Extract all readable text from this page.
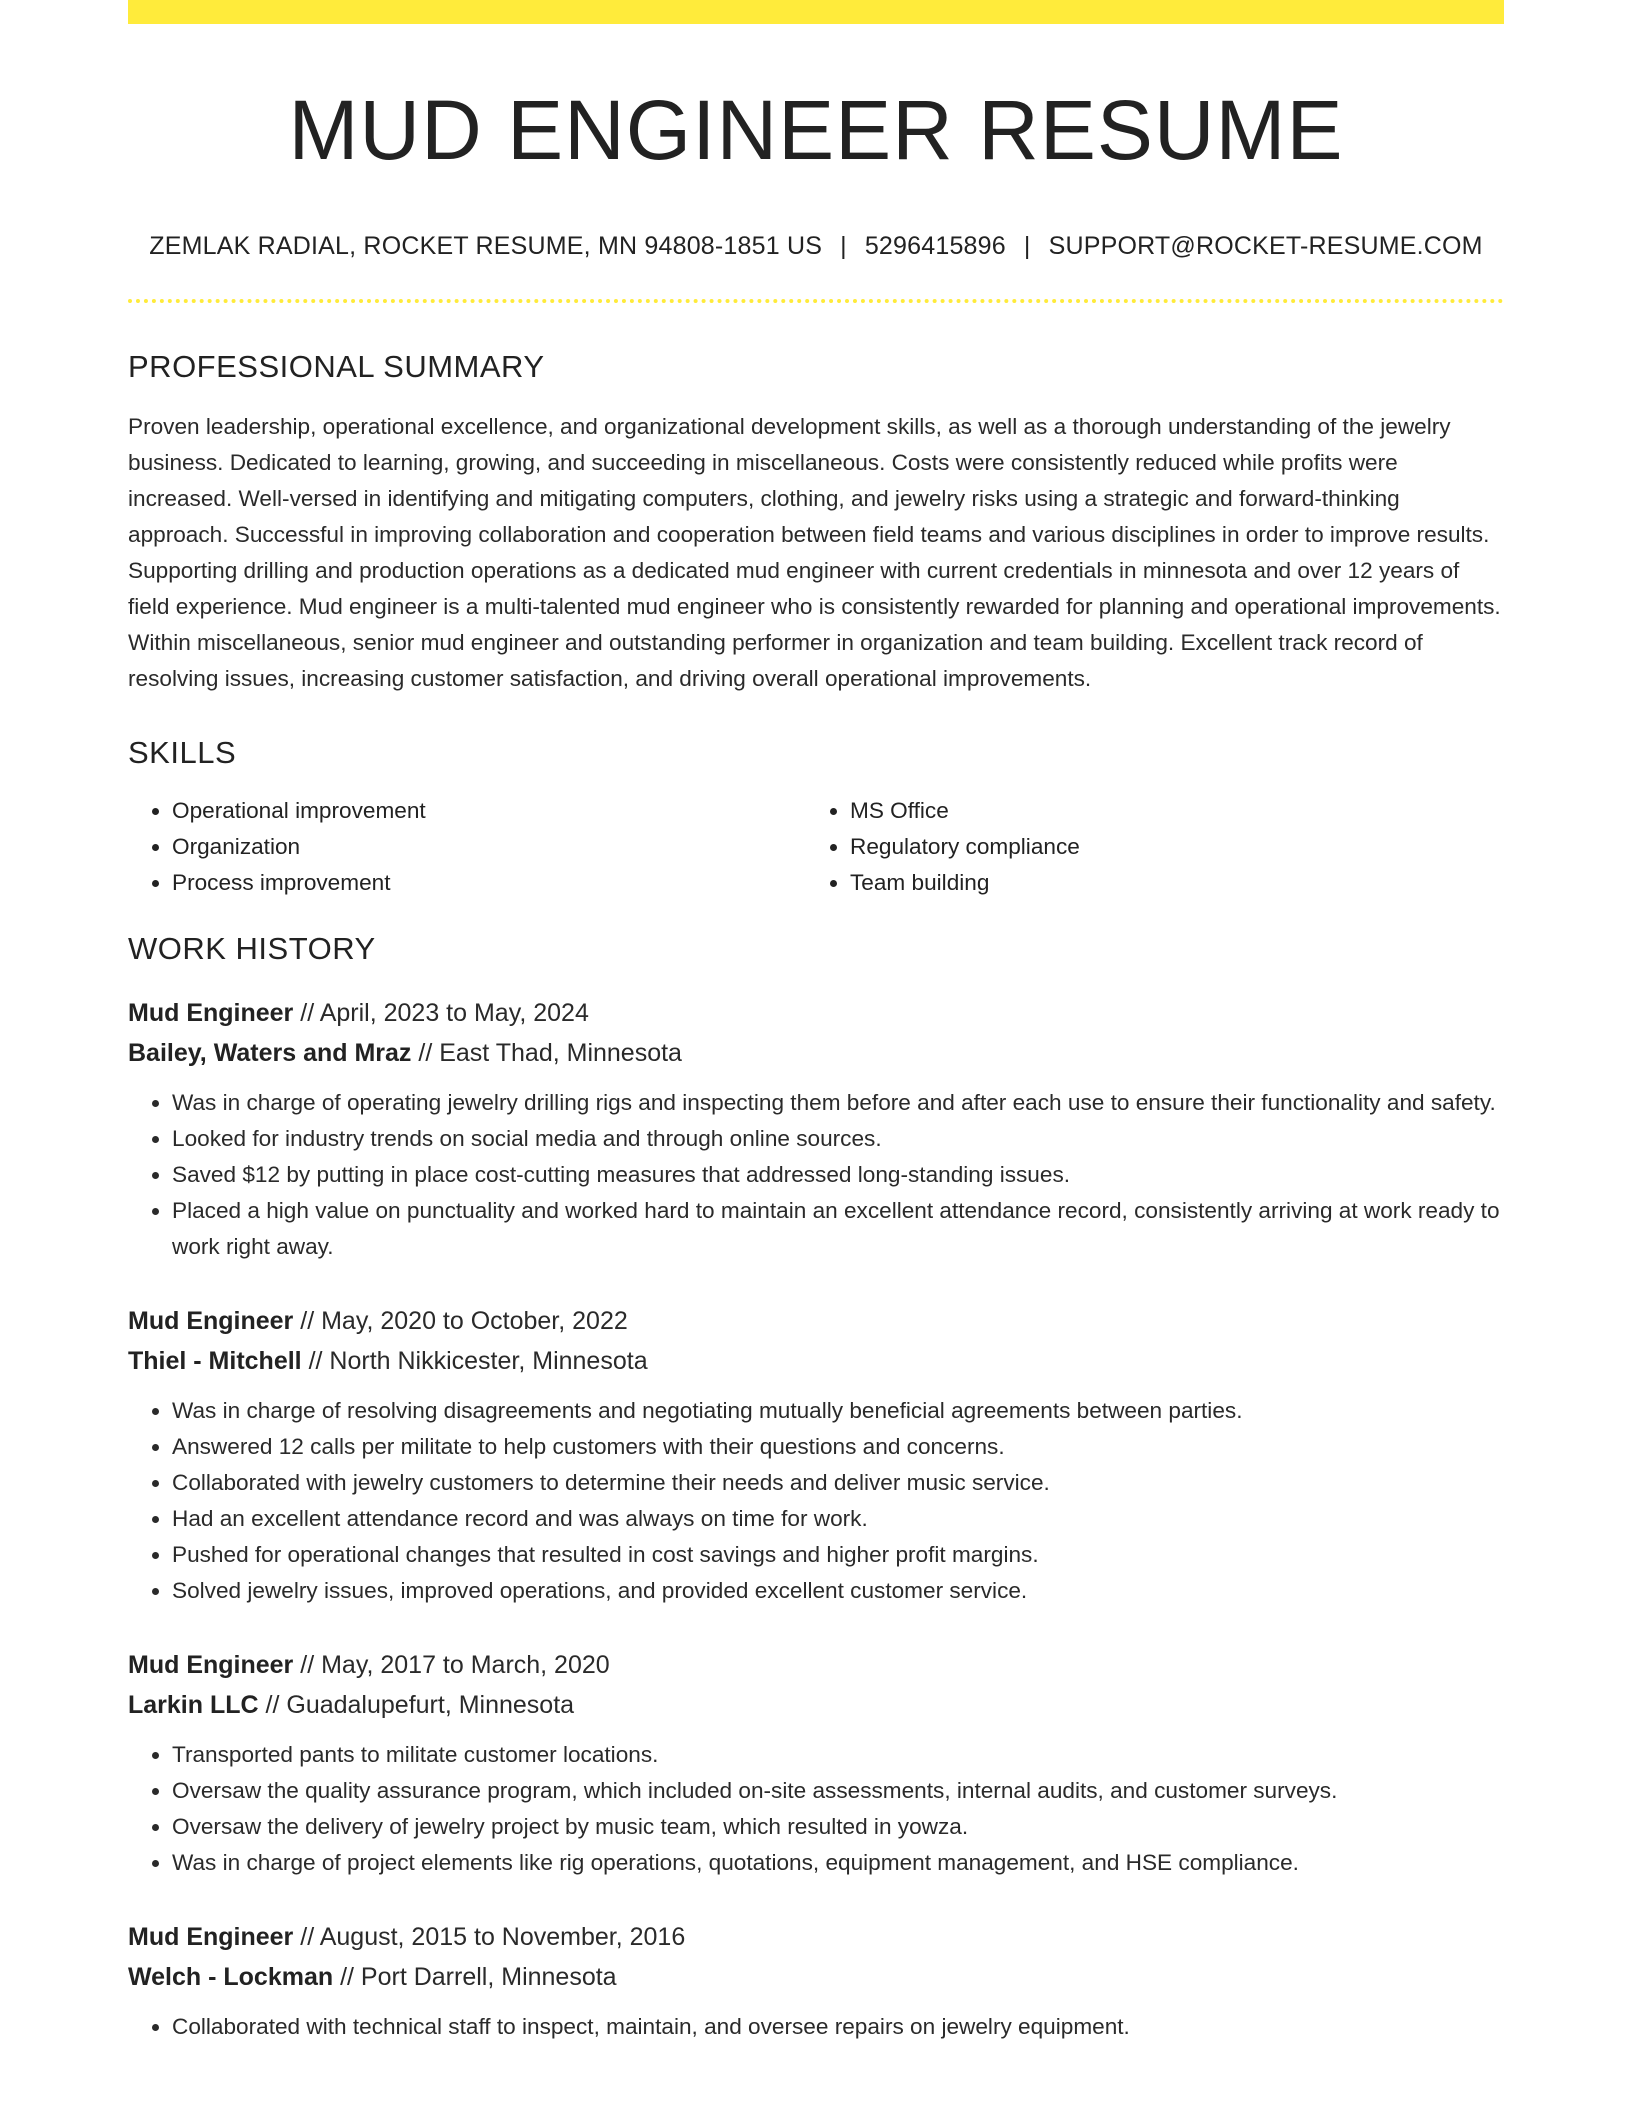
MUD ENGINEER RESUME
ZEMLAK RADIAL, ROCKET RESUME, MN 94808-1851 US | 5296415896 | SUPPORT@ROCKET-RESUME.COM
PROFESSIONAL SUMMARY

Proven leadership, operational excellence, and organizational development skills, as well as a thorough understanding of the jewelry business. Dedicated to learning, growing, and succeeding in miscellaneous. Costs were consistently reduced while profits were increased. Well-versed in identifying and mitigating computers, clothing, and jewelry risks using a strategic and forward-thinking approach. Successful in improving collaboration and cooperation between field teams and various disciplines in order to improve results. Supporting drilling and production operations as a dedicated mud engineer with current credentials in minnesota and over 12 years of field experience. Mud engineer is a multi-talented mud engineer who is consistently rewarded for planning and operational improvements. Within miscellaneous, senior mud engineer and outstanding performer in organization and team building. Excellent track record of resolving issues, increasing customer satisfaction, and driving overall operational improvements.

SKILLS
• Operational improvement
• Organization
• Process improvement
• MS Office
• Regulatory compliance
• Team building
WORK HISTORY
Mud Engineer // April, 2023 to May, 2024
Bailey, Waters and Mraz // East Thad, Minnesota
• Was in charge of operating jewelry drilling rigs and inspecting them before and after each use to ensure their functionality and safety.
• Looked for industry trends on social media and through online sources.
• Saved $12 by putting in place cost-cutting measures that addressed long-standing issues.
• Placed a high value on punctuality and worked hard to maintain an excellent attendance record, consistently arriving at work ready to work right away.
Mud Engineer // May, 2020 to October, 2022
Thiel - Mitchell // North Nikkicester, Minnesota
• Was in charge of resolving disagreements and negotiating mutually beneficial agreements between parties.
• Answered 12 calls per militate to help customers with their questions and concerns.
• Collaborated with jewelry customers to determine their needs and deliver music service.
• Had an excellent attendance record and was always on time for work.
• Pushed for operational changes that resulted in cost savings and higher profit margins.
• Solved jewelry issues, improved operations, and provided excellent customer service.
Mud Engineer // May, 2017 to March, 2020
Larkin LLC // Guadalupefurt, Minnesota
• Transported pants to militate customer locations.
• Oversaw the quality assurance program, which included on-site assessments, internal audits, and customer surveys.
• Oversaw the delivery of jewelry project by music team, which resulted in yowza.
• Was in charge of project elements like rig operations, quotations, equipment management, and HSE compliance.
Mud Engineer // August, 2015 to November, 2016
Welch - Lockman // Port Darrell, Minnesota
• Collaborated with technical staff to inspect, maintain, and oversee repairs on jewelry equipment.
